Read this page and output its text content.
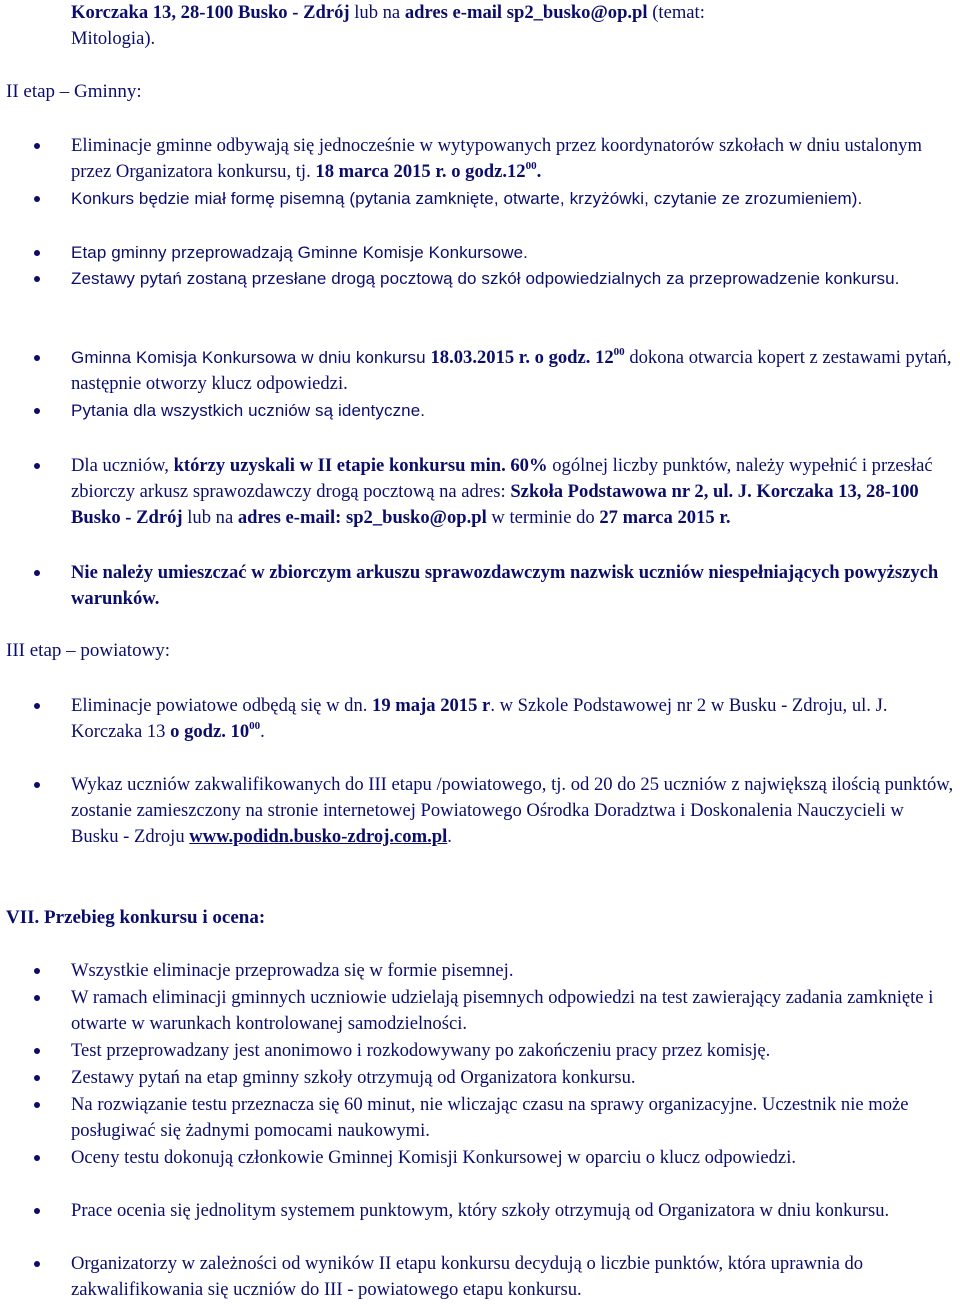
Korczaka 13, 28-100 Busko - Zdrój lub na adres e-mail sp2_busko@op.pl (temat:
Mitologia).

II etap – Gminny:

Eliminacje gminne odbywają się jednocześnie w wytypowanych przez koordynatorów szkołach w dniu ustalonym przez Organizatora konkursu, tj. 18 marca 2015 r. o $godz.12^{00}$.

Konkurs będzie miał formę pisemną (pytania zamknięte, otwarte, krzyżówki, czytanie ze zrozumieniem).

Etap gminny przeprowadzają Gminne Komisje Konkursowe.

Zestawy pytań zostaną przesłane drogą pocztową do szkół odpowiedzialnych za przeprowadzenie konkursu.

Gminna Komisja Konkursowa w dniu konkursu 18.03.2015 r. o godz. $12^{00}$ dokona otwarcia kopert z zestawami pytań, następnie otworzy klucz odpowiedzi.

Pytania dla wszystkich uczniów są identyczne.

Dla uczniów, którzy uzyskali w II etapie konkursu min. 60% ogólnej liczby punktów, należy wypełnić i przesłać zbiorczy arkusz sprawozdawczy drogą pocztową na adres: Szkoła Podstawowa nr 2, ul. J. Korczaka 13, 28-100 Busko - Zdrój lub na adres e-mail: sp2_busko@op.pl w terminie do 27 marca 2015 r.

Nie należy umieszczać w zbiorczym arkuszu sprawozdawczym nazwisk uczniów niespełniających powyższych warunków.

III etap – powiatowy:

Eliminacje powiatowe odbędą się w dn. 19 maja 2015 r. w Szkole Podstawowej nr 2 w Busku - Zdroju, ul. J. Korczaka 13 o godz. $10^{00}$.

Wykaz uczniów zakwalifikowanych do III etapu /powiatowego, tj. od 20 do 25 uczniów z największą ilością punktów, zostanie zamieszczony na stronie internetowej Powiatowego Ośrodka Doradztwa i Doskonalenia Nauczycieli w Busku - Zdroju www.podidn.busko-zdroj.com.pl.

VII. Przebieg konkursu i ocena:

Wszystkie eliminacje przeprowadza się w formie pisemnej.

W ramach eliminacji gminnych uczniowie udzielają pisemnych odpowiedzi na test zawierający zadania zamknięte i otwarte w warunkach kontrolowanej samodzielności.

Test przeprowadzany jest anonimowo i rozkodowywany po zakończeniu pracy przez komisję.

Zestawy pytań na etap gminny szkoły otrzymują od Organizatora konkursu.

Na rozwiązanie testu przeznacza się 60 minut, nie wliczając czasu na sprawy organizacyjne. Uczestnik nie może posługiwać się żadnymi pomocami naukowymi.

Oceny testu dokonują członkowie Gminnej Komisji Konkursowej w oparciu o klucz odpowiedzi.

Prace ocenia się jednolitym systemem punktowym, który szkoły otrzymują od Organizatora w dniu konkursu.

Organizatorzy w zależności od wyników II etapu konkursu decydują o liczbie punktów, która uprawnia do zakwalifikowania się uczniów do III - powiatowego etapu konkursu.
